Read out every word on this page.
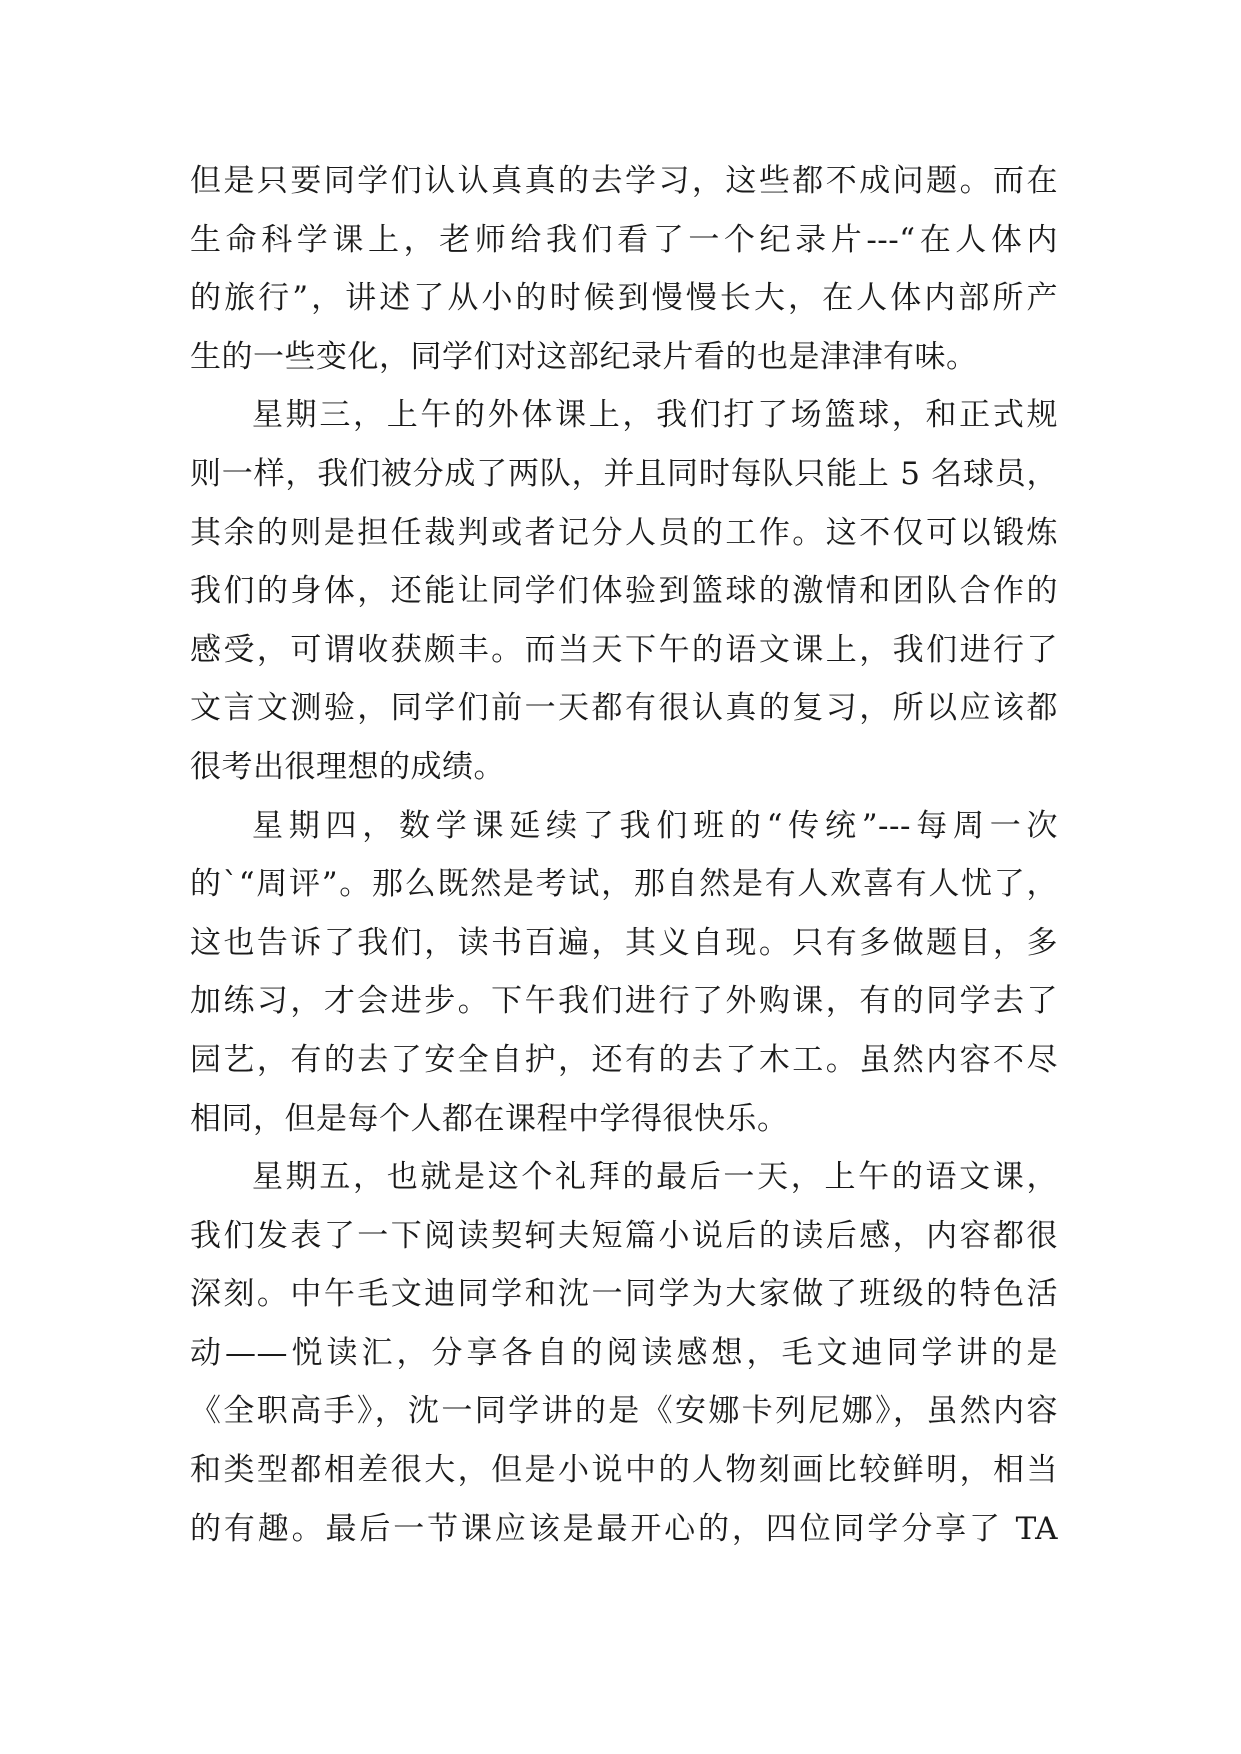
但是只要同学们认认真真的去学习，这些都不成问题。而在
生命科学课上，老师给我们看了一个纪录片---“在人体内
的旅行”，讲述了从小的时候到慢慢长大，在人体内部所产
生的一些变化，同学们对这部纪录片看的也是津津有味。
星期三，上午的外体课上，我们打了场篮球，和正式规
则一样，我们被分成了两队，并且同时每队只能上 5 名球员，
其余的则是担任裁判或者记分人员的工作。这不仅可以锻炼
我们的身体，还能让同学们体验到篮球的激情和团队合作的
感受，可谓收获颇丰。而当天下午的语文课上，我们进行了
文言文测验，同学们前一天都有很认真的复习，所以应该都
很考出很理想的成绩。
星期四，数学课延续了我们班的“传统”---每周一次
的`“周评”。那么既然是考试，那自然是有人欢喜有人忧了，
这也告诉了我们，读书百遍，其义自现。只有多做题目，多
加练习，才会进步。下午我们进行了外购课，有的同学去了
园艺，有的去了安全自护，还有的去了木工。虽然内容不尽
相同，但是每个人都在课程中学得很快乐。
星期五，也就是这个礼拜的最后一天，上午的语文课，
我们发表了一下阅读契轲夫短篇小说后的读后感，内容都很
深刻。中午毛文迪同学和沈一同学为大家做了班级的特色活
动——悦读汇，分享各自的阅读感想，毛文迪同学讲的是
《全职高手》，沈一同学讲的是《安娜卡列尼娜》，虽然内容
和类型都相差很大，但是小说中的人物刻画比较鲜明，相当
的有趣。最后一节课应该是最开心的，四位同学分享了 TA
